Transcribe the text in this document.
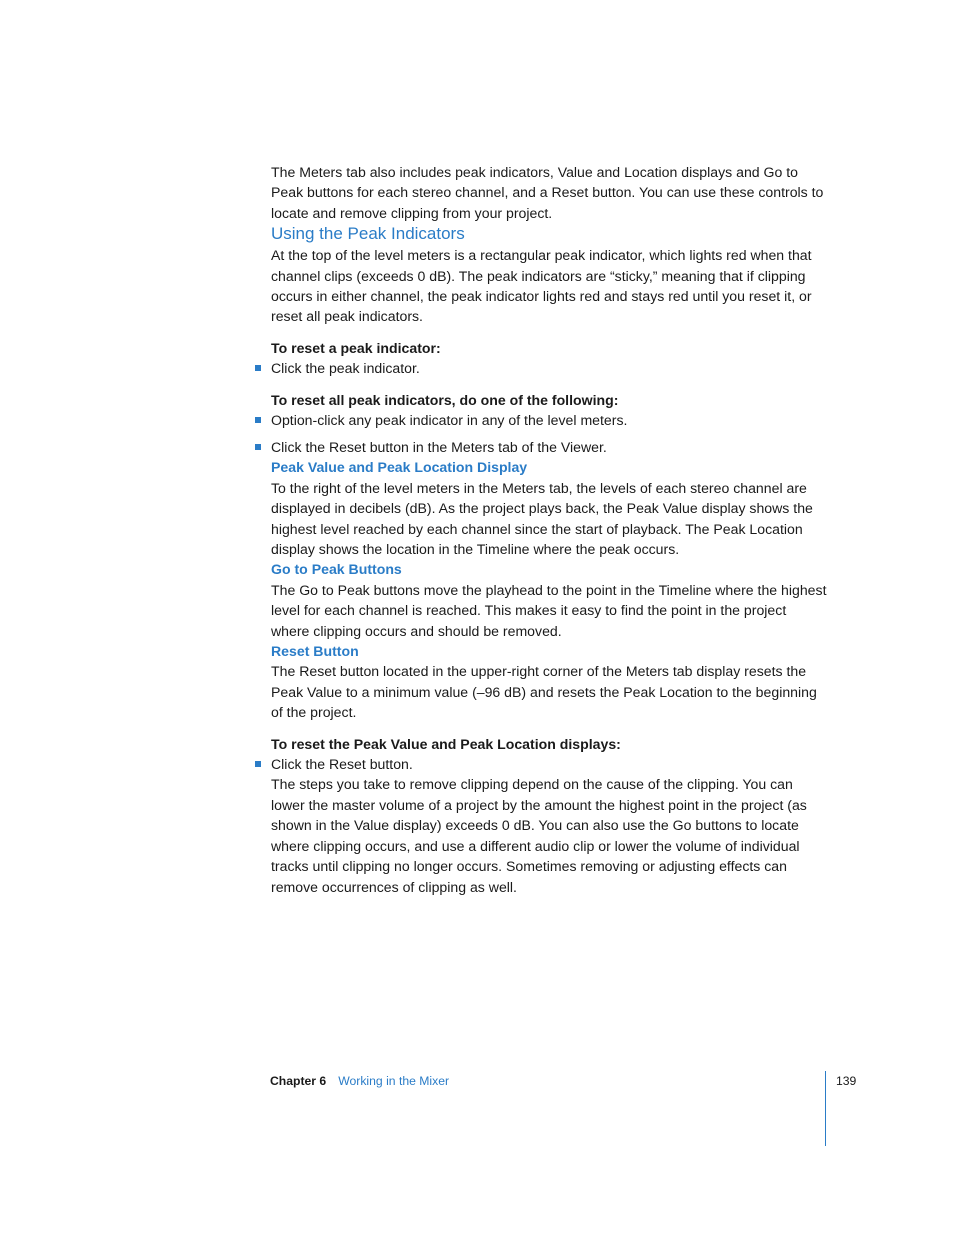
The Meters tab also includes peak indicators, Value and Location displays and Go to Peak buttons for each stereo channel, and a Reset button. You can use these controls to locate and remove clipping from your project.

Using the Peak Indicators

At the top of the level meters is a rectangular peak indicator, which lights red when that channel clips (exceeds 0 dB). The peak indicators are “sticky,” meaning that if clipping occurs in either channel, the peak indicator lights red and stays red until you reset it, or reset all peak indicators.

To reset a peak indicator:

Click the peak indicator.

To reset all peak indicators, do one of the following:

Option-click any peak indicator in any of the level meters.
Click the Reset button in the Meters tab of the Viewer.
Peak Value and Peak Location Display

To the right of the level meters in the Meters tab, the levels of each stereo channel are displayed in decibels (dB). As the project plays back, the Peak Value display shows the highest level reached by each channel since the start of playback. The Peak Location display shows the location in the Timeline where the peak occurs.

Go to Peak Buttons

The Go to Peak buttons move the playhead to the point in the Timeline where the highest level for each channel is reached. This makes it easy to find the point in the project where clipping occurs and should be removed.

Reset Button

The Reset button located in the upper-right corner of the Meters tab display resets the Peak Value to a minimum value (–96 dB) and resets the Peak Location to the beginning of the project.

To reset the Peak Value and Peak Location displays:

Click the Reset button.

The steps you take to remove clipping depend on the cause of the clipping. You can lower the master volume of a project by the amount the highest point in the project (as shown in the Value display) exceeds 0 dB. You can also use the Go buttons to locate where clipping occurs, and use a different audio clip or lower the volume of individual tracks until clipping no longer occurs. Sometimes removing or adjusting effects can remove occurrences of clipping as well.

Chapter 6 Working in the Mixer	139
